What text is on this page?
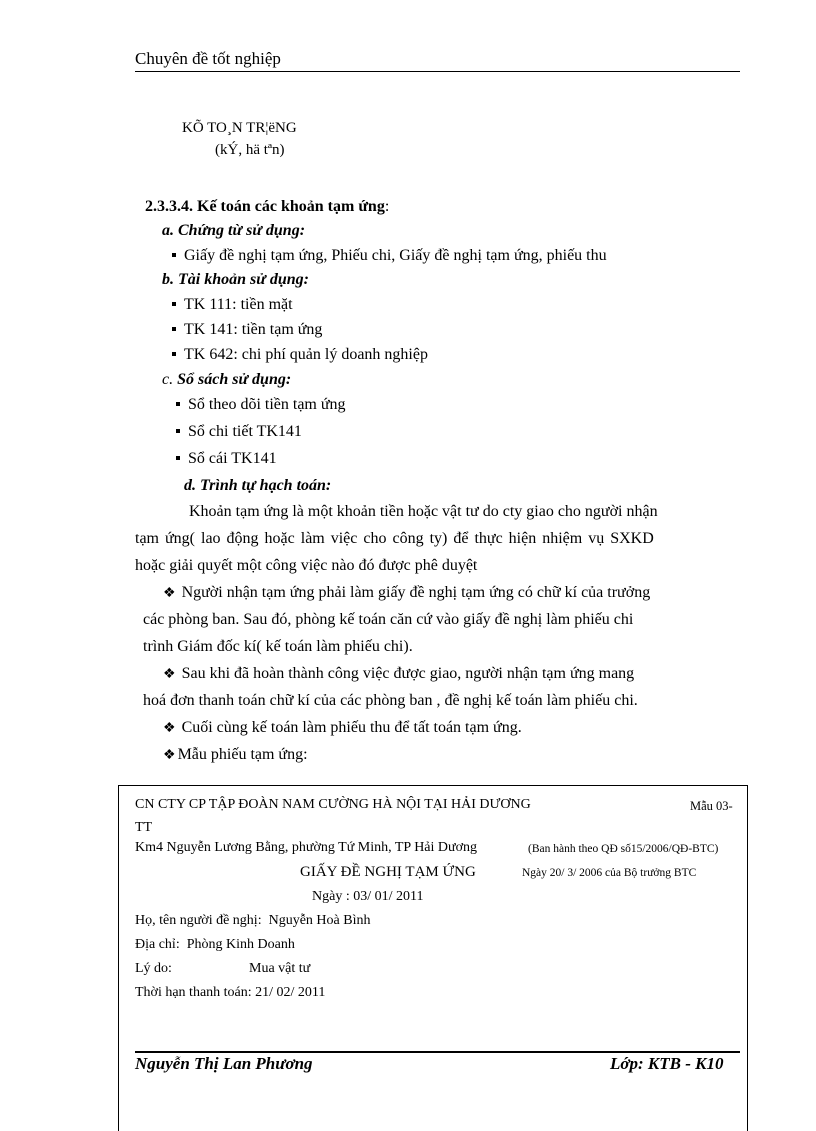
Chuyên đề tốt nghiệp
KÕ TO¸N TR¦ëNG
(kÝ, hä tªn)
2.3.3.4. Kế toán các khoản tạm ứng:
a. Chứng từ sử dụng:
Giấy đề nghị tạm ứng, Phiếu chi, Giấy đề nghị tạm ứng, phiếu thu
b. Tài khoản sử dụng:
TK 111: tiền mặt
TK 141: tiền tạm ứng
TK 642: chi phí quản lý doanh nghiệp
c. Sổ sách sử dụng:
Sổ theo dõi tiền tạm ứng
Sổ chi tiết TK141
Sổ cái TK141
d. Trình tự hạch toán:
Khoản tạm ứng là một khoản tiền hoặc vật tư do cty giao cho người nhận
tạm ứng( lao động hoặc làm việc cho công ty) để thực hiện nhiệm vụ SXKD
hoặc giải quyết một công việc nào đó được phê duyệt
❖ Người nhận tạm ứng phải làm giấy đề nghị tạm ứng có chữ kí của trưởng
các phòng ban. Sau đó, phòng kế toán căn cứ vào giấy đề nghị làm phiếu chi
trình Giám đốc kí( kế toán làm phiếu chi).
❖ Sau khi đã hoàn thành công việc được giao, người nhận tạm ứng mang
hoá đơn thanh toán chữ kí của các phòng ban , đề nghị kế toán làm phiếu chi.
❖ Cuối cùng kế toán làm phiếu thu để tất toán tạm ứng.
❖ Mẫu phiếu tạm ứng:
CN CTY CP TẬP ĐOÀN NAM CƯỜNG HÀ NỘI TẠI HẢI DƯƠNG	Mẫu 03-
TT
Km4 Nguyễn Lương Bằng, phường Tứ Minh, TP Hải Dương	(Ban hành theo QĐ số15/2006/QĐ-BTC)
GIẤY ĐỀ NGHỊ TẠM ỨNG	Ngày 20/ 3/ 2006 của Bộ trưởng BTC
Ngày : 03/ 01/ 2011
Họ, tên người đề nghị: Nguyễn Hoà Bình
Địa chỉ: Phòng Kinh Doanh
Lý do:	Mua vật tư
Thời hạn thanh toán: 21/ 02/ 2011
Nguyễn Thị Lan Phương	Lớp: KTB - K10
